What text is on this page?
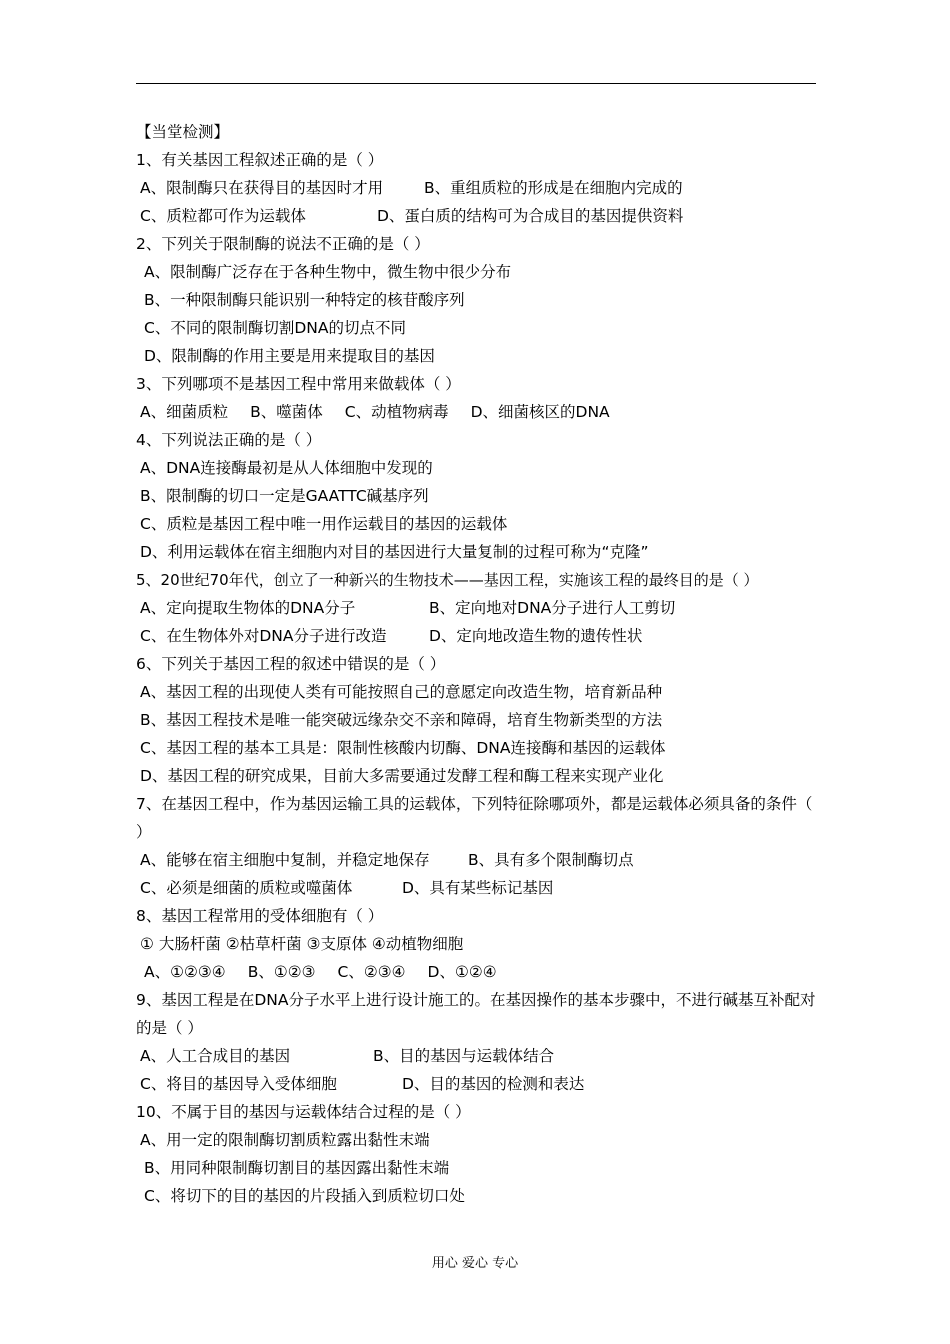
【当堂检测】
1、有关基因工程叙述正确的是（ ）
A、限制酶只在获得目的基因时才用	B、重组质粒的形成是在细胞内完成的
C、质粒都可作为运载体	D、蛋白质的结构可为合成目的基因提供资料
2、下列关于限制酶的说法不正确的是（ ）
A、限制酶广泛存在于各种生物中，微生物中很少分布
B、一种限制酶只能识别一种特定的核苷酸序列
C、不同的限制酶切割DNA的切点不同
D、限制酶的作用主要是用来提取目的基因
3、下列哪项不是基因工程中常用来做载体（ ）
A、细菌质粒 B、噬菌体 C、动植物病毒 D、细菌核区的DNA
4、下列说法正确的是（ ）
A、DNA连接酶最初是从人体细胞中发现的
B、限制酶的切口一定是GAATTC碱基序列
C、质粒是基因工程中唯一用作运载目的基因的运载体
D、利用运载体在宿主细胞内对目的基因进行大量复制的过程可称为“克隆”
5、20世纪70年代，创立了一种新兴的生物技术——基因工程，实施该工程的最终目的是（ ）
A、定向提取生物体的DNA分子	B、定向地对DNA分子进行人工剪切
C、在生物体外对DNA分子进行改造	D、定向地改造生物的遗传性状
6、下列关于基因工程的叙述中错误的是（ ）
A、基因工程的出现使人类有可能按照自己的意愿定向改造生物，培育新品种
B、基因工程技术是唯一能突破远缘杂交不亲和障碍，培育生物新类型的方法
C、基因工程的基本工具是：限制性核酸内切酶、DNA连接酶和基因的运载体
D、基因工程的研究成果，目前大多需要通过发酵工程和酶工程来实现产业化
7、在基因工程中，作为基因运输工具的运载体，下列特征除哪项外，都是运载体必须具备的条件（ ）
A、能够在宿主细胞中复制，并稳定地保存 B、具有多个限制酶切点
C、必须是细菌的质粒或噬菌体	D、具有某些标记基因
8、基因工程常用的受体细胞有（ ）
① 大肠杆菌 ②枯草杆菌 ③支原体 ④动植物细胞
A、①②③④ B、①②③ C、②③④ D、①②④
9、基因工程是在DNA分子水平上进行设计施工的。在基因操作的基本步骤中，不进行碱基互补配对的是（ ）
A、人工合成目的基因	B、目的基因与运载体结合
C、将目的基因导入受体细胞	D、目的基因的检测和表达
10、不属于目的基因与运载体结合过程的是（ ）
A、用一定的限制酶切割质粒露出黏性末端
B、用同种限制酶切割目的基因露出黏性末端
C、将切下的目的基因的片段插入到质粒切口处
用心 爱心 专心
